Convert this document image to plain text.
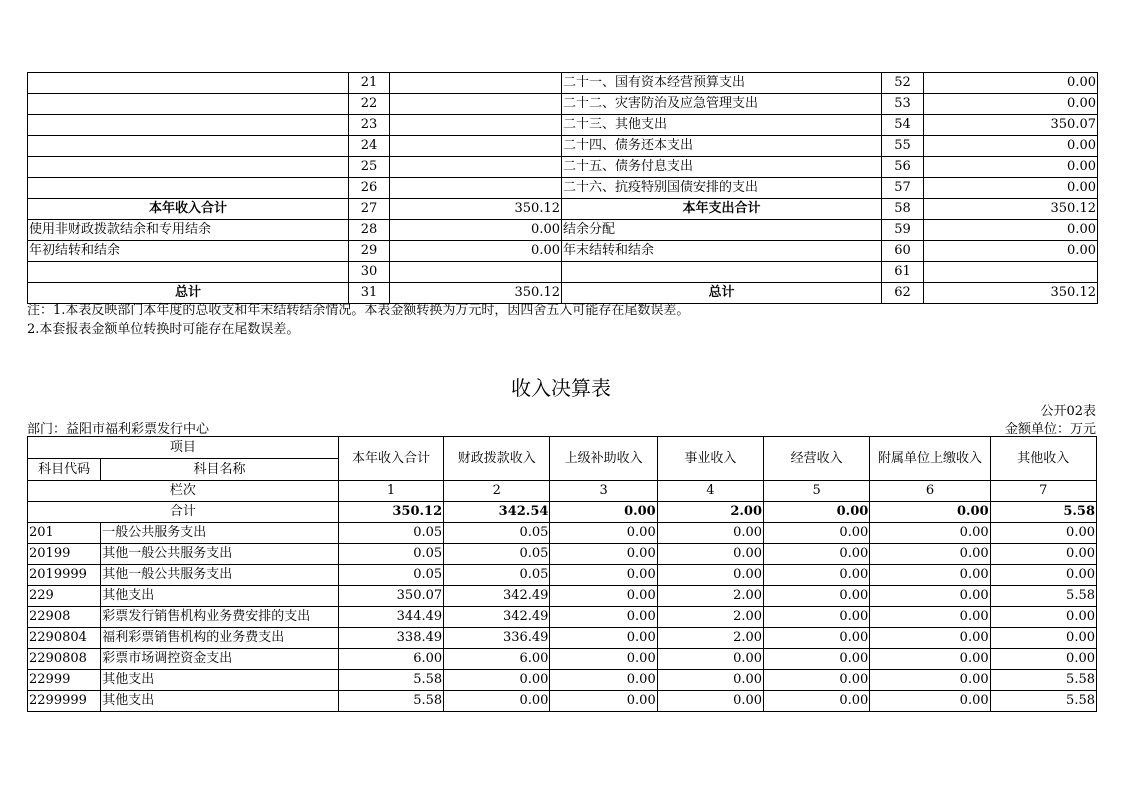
	21		二十一、国有资本经营预算支出	52	0.00
	22		二十二、灾害防治及应急管理支出	53	0.00
	23		二十三、其他支出	54	350.07
	24		二十四、债务还本支出	55	0.00
	25		二十五、债务付息支出	56	0.00
	26		二十六、抗疫特别国债安排的支出	57	0.00
本年收入合计	27	350.12	本年支出合计	58	350.12
使用非财政拨款结余和专用结余	28	0.00	结余分配	59	0.00
年初结转和结余	29	0.00	年末结转和结余	60	0.00
	30			61	
总计	31	350.12	总计	62	350.12
注：1.本表反映部门本年度的总收支和年末结转结余情况。本表金额转换为万元时，因四舍五入可能存在尾数误差。
2.本套报表金额单位转换时可能存在尾数误差。
收入决算表
公开02表
部门：益阳市福利彩票发行中心	金额单位：万元
项目		本年收入合计	财政拨款收入	上级补助收入	事业收入	经营收入	附属单位上缴收入	其他收入
科目代码	科目名称							
栏次		1	2	3	4	5	6	7
合计		350.12	342.54	0.00	2.00	0.00	0.00	5.58
201	一般公共服务支出	0.05	0.05	0.00	0.00	0.00	0.00	0.00
20199	其他一般公共服务支出	0.05	0.05	0.00	0.00	0.00	0.00	0.00
2019999	其他一般公共服务支出	0.05	0.05	0.00	0.00	0.00	0.00	0.00
229	其他支出	350.07	342.49	0.00	2.00	0.00	0.00	5.58
22908	彩票发行销售机构业务费安排的支出	344.49	342.49	0.00	2.00	0.00	0.00	0.00
2290804	福利彩票销售机构的业务费支出	338.49	336.49	0.00	2.00	0.00	0.00	0.00
2290808	彩票市场调控资金支出	6.00	6.00	0.00	0.00	0.00	0.00	0.00
22999	其他支出	5.58	0.00	0.00	0.00	0.00	0.00	5.58
2299999	其他支出	5.58	0.00	0.00	0.00	0.00	0.00	5.58
